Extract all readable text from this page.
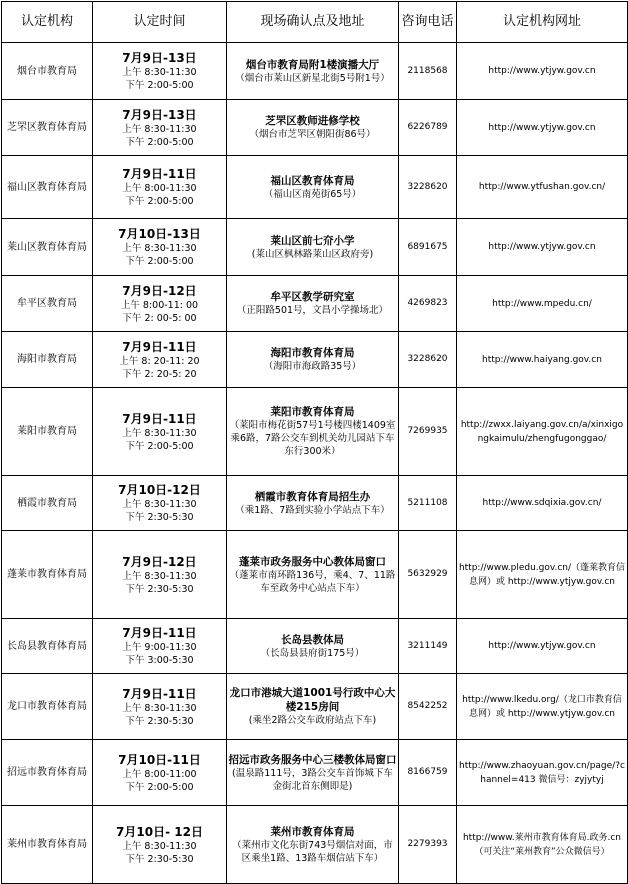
认定机构	认定时间	现场确认点及地址	咨询电话	认定机构网址
烟台市教育局	7月9日-13日
上午 8:30-11:30
下午 2:00-5:00	烟台市教育局附1楼演播大厅
（烟台市莱山区新星北街5号附1号）	2118568	http://www.ytjyw.gov.cn
芝罘区教育体育局	7月9日-13日
上午 8:30-11:30
下午 2:00-5:00	芝罘区教师进修学校
（烟台市芝罘区朝阳街86号）	6226789	http://www.ytjyw.gov.cn
福山区教育体育局	7月9日-11日
上午 8:00-11:30
下午 2:00-5:00	福山区教育体育局
（福山区南苑街65号）	3228620	http://www.ytfushan.gov.cn/
莱山区教育体育局	7月10日-13日
上午 8:30-11:30
下午 2:00-5:00	莱山区前七夼小学
(莱山区枫林路莱山区政府旁)	6891675	http://www.ytjyw.gov.cn
牟平区教育局	7月9日-12日
上午 8:00-11: 00
下午 2: 00-5: 00	牟平区教学研究室
（正阳路501号，文昌小学操场北）	4269823	http://www.mpedu.cn/
海阳市教育局	7月9日-11日
上午 8: 20-11: 20
下午 2: 20-5: 20	海阳市教育体育局
（海阳市海政路35号）	3228620	http://www.haiyang.gov.cn
莱阳市教育局	7月9日-11日
上午 8:30-11:30
下午 2:00-5:00	莱阳市教育体育局
（莱阳市梅花街57号1号楼四楼1409室乘6路，7路公交车到机关幼儿园站下车东行300米）	7269935	http://zwxx.laiyang.gov.cn/a/xinxigongkaimulu/zhengfugonggao/
栖霞市教育局	7月10日-12日
上午 8:30-11:30
下午 2:30-5:30	栖霞市教育体育局招生办
（乘1路、7路到实验小学站点下车）	5211108	http://www.sdqixia.gov.cn/
蓬莱市教育体育局	7月9日-12日
上午 8:30-11:30
下午 2:30-5:30	蓬莱市政务服务中心教体局窗口
（蓬莱市南环路136号，乘4、7、11路车至政务中心站点下车）	5632929	http://www.pledu.gov.cn/（蓬莱教育信息网）或 http://www.ytjyw.gov.cn
长岛县教育体育局	7月9日-11日
上午 9:00-11:30
下午 3:00-5:30	长岛县教体局
（长岛县县府街175号）	3211149	http://www.ytjyw.gov.cn
龙口市教育体育局	7月9日-11日
上午 8:30-11:30
下午 2:30-5:30	龙口市港城大道1001号行政中心大楼215房间
(乘坐2路公交车政府站点下车)	8542252	http://www.lkedu.org/（龙口市教育信息网）或 http://www.ytjyw.gov.cn
招远市教育体育局	7月10日-11日
上午 8:00-11:00
下午 2:00-5:00	招远市政务服务中心三楼教体局窗口
(温泉路111号，3路公交车首饰城下车金街北首东侧即是)	8166759	http://www.zhaoyuan.gov.cn/page/?channel=413 微信号：zyjytyj
莱州市教育体育局	7月10日- 12日
上午 8:30-11:30
下午 2:30-5:30	莱州市教育体育局
（莱州市文化东街743号烟信对面，市区乘坐1路、13路车烟信站下车）	2279393	http://www.莱州市教育体育局.政务.cn（可关注“莱州教育”公众微信号）
